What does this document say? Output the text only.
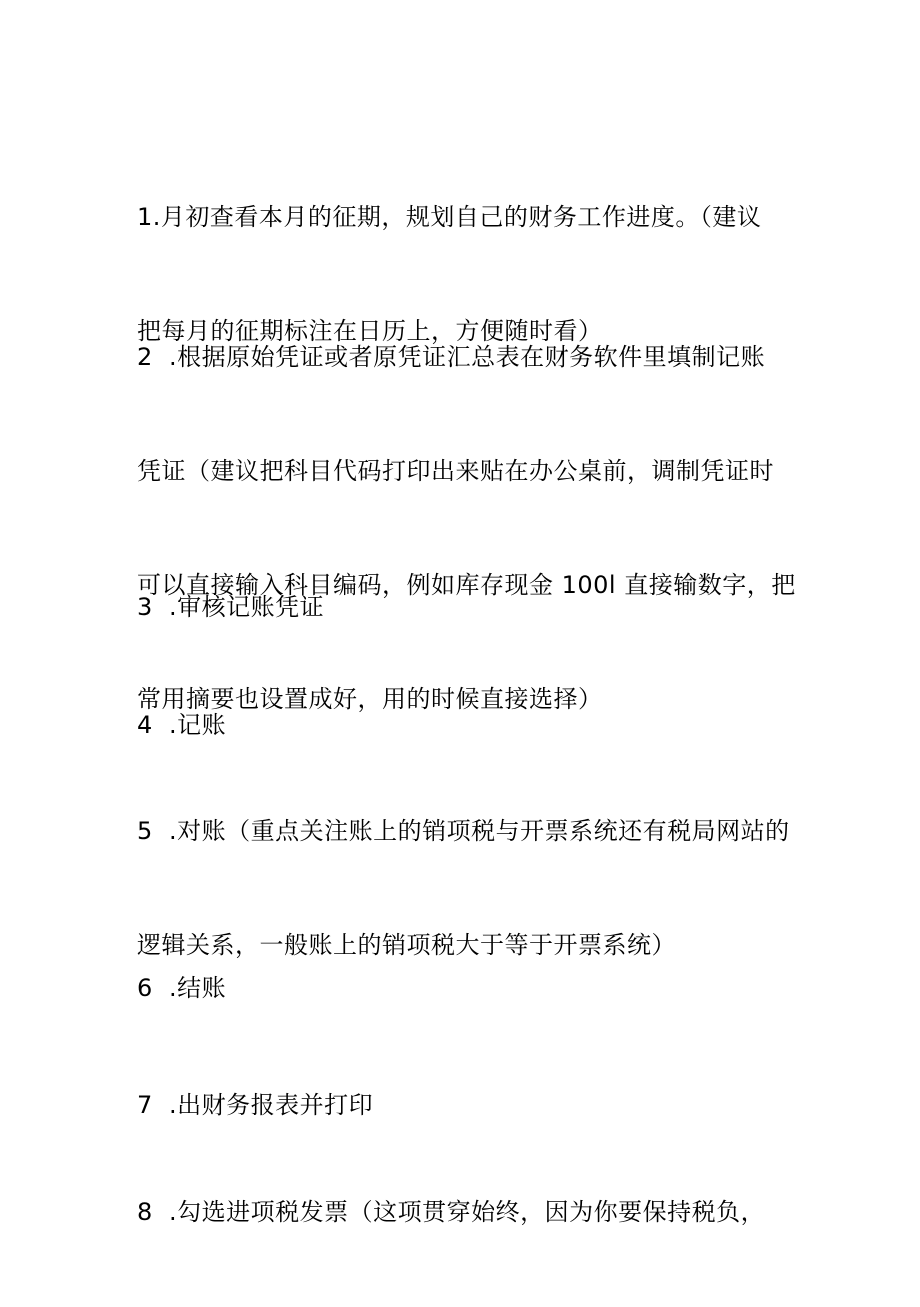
1.月初查看本月的征期，规划自己的财务工作进度。（建议

把每月的征期标注在日历上，方便随时看）

2  .根据原始凭证或者原凭证汇总表在财务软件里填制记账

凭证（建议把科目代码打印出来贴在办公桌前，调制凭证时

可以直接输入科目编码，例如库存现金 100l 直接输数字，把

常用摘要也设置成好，用的时候直接选择）

3  .审核记账凭证

4  .记账

5  .对账（重点关注账上的销项税与开票系统还有税局网站的

逻辑关系，一般账上的销项税大于等于开票系统）

6  .结账

7  .出财务报表并打印

8  .勾选进项税发票（这项贯穿始终，因为你要保持税负，
